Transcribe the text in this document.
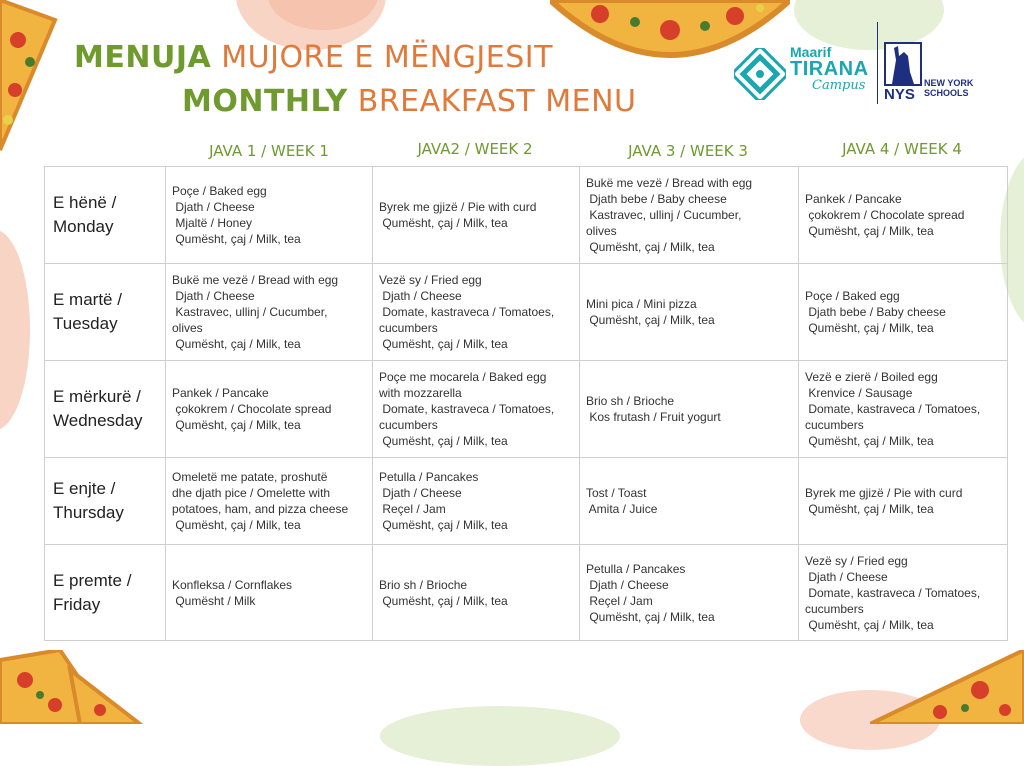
MENUJA MUJORE E MËNGJESIT
MONTHLY BREAKFAST MENU
Maarif
TIRANA
Campus
NYS
NEW YORK
SCHOOLS
JAVA 1 / WEEK 1	JAVA2 / WEEK 2	JAVA 3 / WEEK 3	JAVA 4 / WEEK 4
E hënë /
Monday	Poçe / Baked egg
Djath / Cheese
Mjaltë / Honey
Qumësht, çaj / Milk, tea	Byrek me gjizë / Pie with curd
Qumësht, çaj / Milk, tea	Bukë me vezë / Bread with egg
Djath bebe / Baby cheese
Kastravec, ullinj / Cucumber,
olives
Qumësht, çaj / Milk, tea	Pankek / Pancake
çokokrem / Chocolate spread
Qumësht, çaj / Milk, tea

E martë /
Tuesday	Bukë me vezë / Bread with egg
Djath / Cheese
Kastravec, ullinj / Cucumber,
olives
Qumësht, çaj / Milk, tea	Vezë sy / Fried egg
Djath / Cheese
Domate, kastraveca / Tomatoes,
cucumbers
Qumësht, çaj / Milk, tea	Mini pica / Mini pizza
Qumësht, çaj / Milk, tea	Poçe / Baked egg
Djath bebe / Baby cheese
Qumësht, çaj / Milk, tea

E mërkurë /
Wednesday	Pankek / Pancake
çokokrem / Chocolate spread
Qumësht, çaj / Milk, tea	Poçe me mocarela / Baked egg
with mozzarella
Domate, kastraveca / Tomatoes,
cucumbers
Qumësht, çaj / Milk, tea	Brio sh / Brioche
Kos frutash / Fruit yogurt	Vezë e zierë / Boiled egg
Krenvice / Sausage
Domate, kastraveca / Tomatoes,
cucumbers
Qumësht, çaj / Milk, tea

E enjte /
Thursday	Omeletë me patate, proshutë
dhe djath pice / Omelette with
potatoes, ham, and pizza cheese
Qumësht, çaj / Milk, tea	Petulla / Pancakes
Djath / Cheese
Reçel / Jam
Qumësht, çaj / Milk, tea	Tost / Toast
Amita / Juice	Byrek me gjizë / Pie with curd
Qumësht, çaj / Milk, tea

E premte /
Friday	Konfleksa / Cornflakes
Qumësht / Milk	Brio sh / Brioche
Qumësht, çaj / Milk, tea	Petulla / Pancakes
Djath / Cheese
Reçel / Jam
Qumësht, çaj / Milk, tea	Vezë sy / Fried egg
Djath / Cheese
Domate, kastraveca / Tomatoes,
cucumbers
Qumësht, çaj / Milk, tea
